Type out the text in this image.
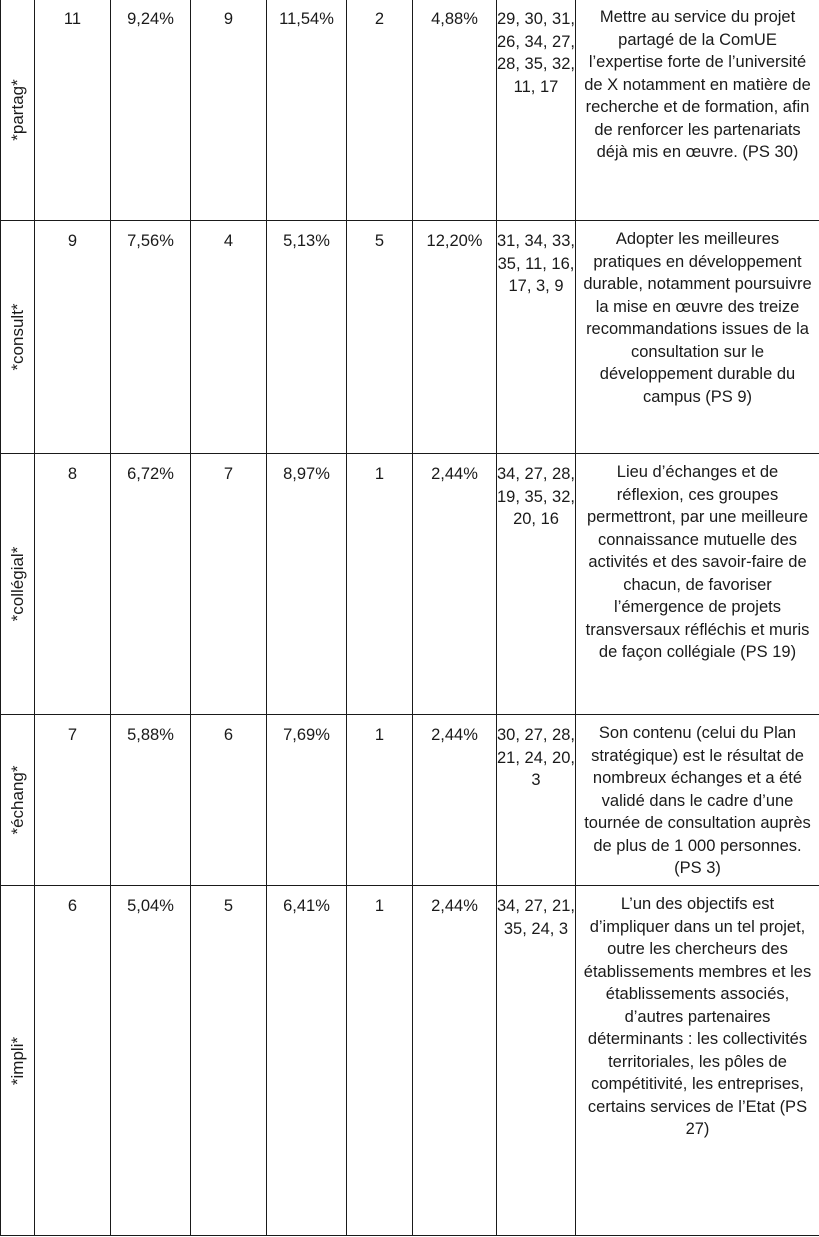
*partag*	11	9,24%	9	11,54%	2	4,88%	29, 30, 31, 26, 34, 27, 28, 35, 32, 11, 17	Mettre au service du projet partagé de la ComUE l’expertise forte de l’université de X notamment en matière de recherche et de formation, afin de renforcer les partenariats déjà mis en œuvre. (PS 30)

*consult*	9	7,56%	4	5,13%	5	12,20%	31, 34, 33, 35, 11, 16, 17, 3, 9	Adopter les meilleures pratiques en développement durable, notamment poursuivre la mise en œuvre des treize recommandations issues de la consultation sur le développement durable du campus (PS 9)

*collégial*	8	6,72%	7	8,97%	1	2,44%	34, 27, 28, 19, 35, 32, 20, 16	Lieu d’échanges et de réflexion, ces groupes permettront, par une meilleure connaissance mutuelle des activités et des savoir-faire de chacun, de favoriser l’émergence de projets transversaux réfléchis et muris de façon collégiale (PS 19)

*échang*	7	5,88%	6	7,69%	1	2,44%	30, 27, 28, 21, 24, 20, 3	Son contenu (celui du Plan stratégique) est le résultat de nombreux échanges et a été validé dans le cadre d’une tournée de consultation auprès de plus de 1 000 personnes. (PS 3)

*impli*	6	5,04%	5	6,41%	1	2,44%	34, 27, 21, 35, 24, 3	L’un des objectifs est d’impliquer dans un tel projet, outre les chercheurs des établissements membres et les établissements associés, d’autres partenaires déterminants : les collectivités territoriales, les pôles de compétitivité, les entreprises, certains services de l’Etat (PS 27)
